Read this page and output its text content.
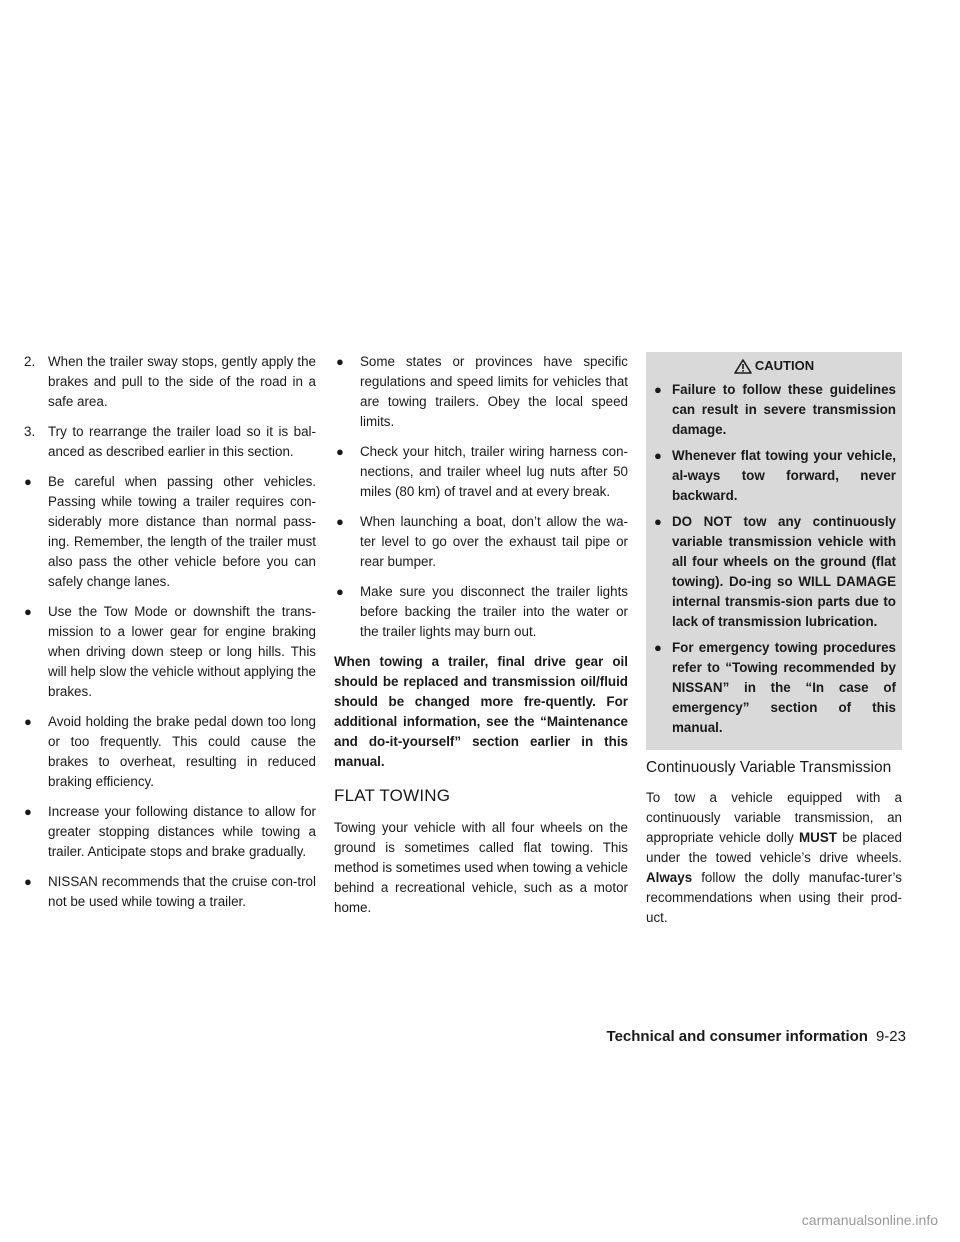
2. When the trailer sway stops, gently apply the brakes and pull to the side of the road in a safe area.
3. Try to rearrange the trailer load so it is bal-anced as described earlier in this section.
●	Be careful when passing other vehicles. Passing while towing a trailer requires con-siderably more distance than normal pass-ing. Remember, the length of the trailer must also pass the other vehicle before you can safely change lanes.
●	Use the Tow Mode or downshift the trans-mission to a lower gear for engine braking when driving down steep or long hills. This will help slow the vehicle without applying the brakes.
●	Avoid holding the brake pedal down too long or too frequently. This could cause the brakes to overheat, resulting in reduced braking efficiency.
●	Increase your following distance to allow for greater stopping distances while towing a trailer. Anticipate stops and brake gradually.
●	NISSAN recommends that the cruise con-trol not be used while towing a trailer.
●	Some states or provinces have specific regulations and speed limits for vehicles that are towing trailers. Obey the local speed limits.
●	Check your hitch, trailer wiring harness con-nections, and trailer wheel lug nuts after 50 miles (80 km) of travel and at every break.
●	When launching a boat, don’t allow the wa-ter level to go over the exhaust tail pipe or rear bumper.
●	Make sure you disconnect the trailer lights before backing the trailer into the water or the trailer lights may burn out.

When towing a trailer, final drive gear oil should be replaced and transmission oil/fluid should be changed more fre-quently. For additional information, see the “Maintenance and do-it-yourself” section earlier in this manual.

FLAT TOWING

Towing your vehicle with all four wheels on the ground is sometimes called flat towing. This method is sometimes used when towing a vehicle behind a recreational vehicle, such as a motor home.

CAUTION
● Failure to follow these guidelines can result in severe transmission damage.
● Whenever flat towing your vehicle, al-ways tow forward, never backward.
● DO NOT tow any continuously variable transmission vehicle with all four wheels on the ground (flat towing). Do-ing so WILL DAMAGE internal transmis-sion parts due to lack of transmission lubrication.
● For emergency towing procedures refer to “Towing recommended by NISSAN” in the “In case of emergency” section of this manual.
Continuously Variable Transmission

To tow a vehicle equipped with a continuously variable transmission, an appropriate vehicle dolly MUST be placed under the towed vehicle’s drive wheels. Always follow the dolly manufac-turer’s recommendations when using their prod-uct.

Technical and consumer information 9-23
carmanualsonline.info
